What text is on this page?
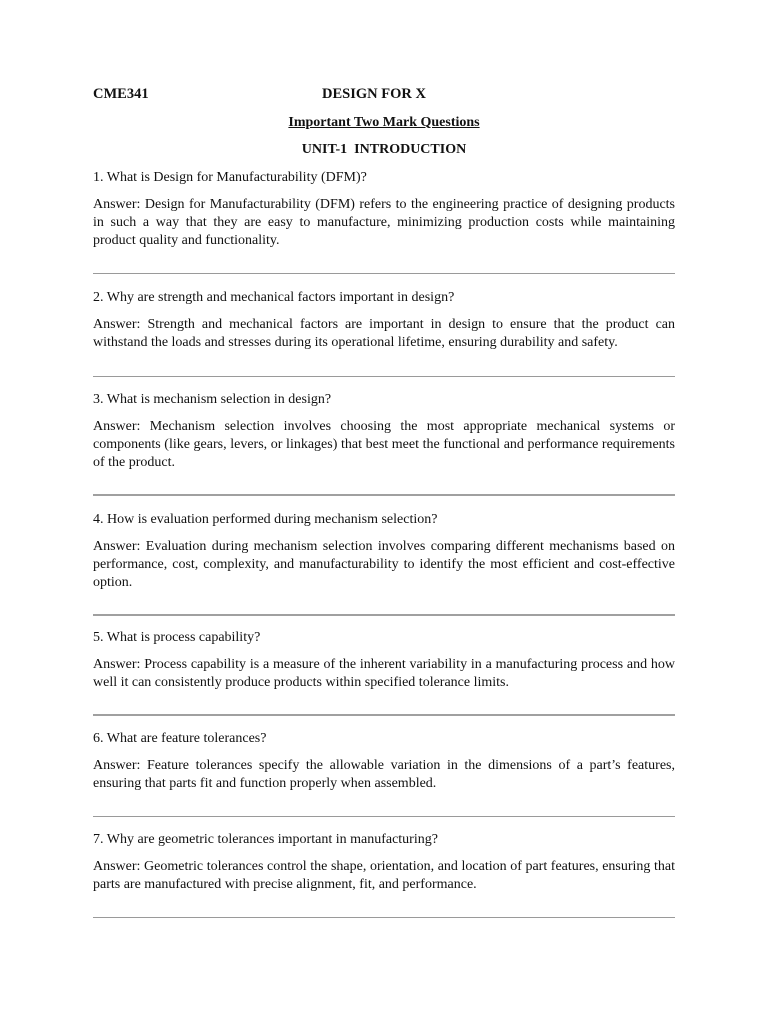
CME341	DESIGN FOR X
Important Two Mark Questions
UNIT-1  INTRODUCTION

1. What is Design for Manufacturability (DFM)?

Answer: Design for Manufacturability (DFM) refers to the engineering practice of designing products in such a way that they are easy to manufacture, minimizing production costs while maintaining product quality and functionality.

2. Why are strength and mechanical factors important in design?

Answer: Strength and mechanical factors are important in design to ensure that the product can withstand the loads and stresses during its operational lifetime, ensuring durability and safety.

3. What is mechanism selection in design?

Answer: Mechanism selection involves choosing the most appropriate mechanical systems or components (like gears, levers, or linkages) that best meet the functional and performance requirements of the product.

4. How is evaluation performed during mechanism selection?

Answer: Evaluation during mechanism selection involves comparing different mechanisms based on performance, cost, complexity, and manufacturability to identify the most efficient and cost-effective option.

5. What is process capability?

Answer: Process capability is a measure of the inherent variability in a manufacturing process and how well it can consistently produce products within specified tolerance limits.

6. What are feature tolerances?

Answer: Feature tolerances specify the allowable variation in the dimensions of a part’s features, ensuring that parts fit and function properly when assembled.

7. Why are geometric tolerances important in manufacturing?

Answer: Geometric tolerances control the shape, orientation, and location of part features, ensuring that parts are manufactured with precise alignment, fit, and performance.
